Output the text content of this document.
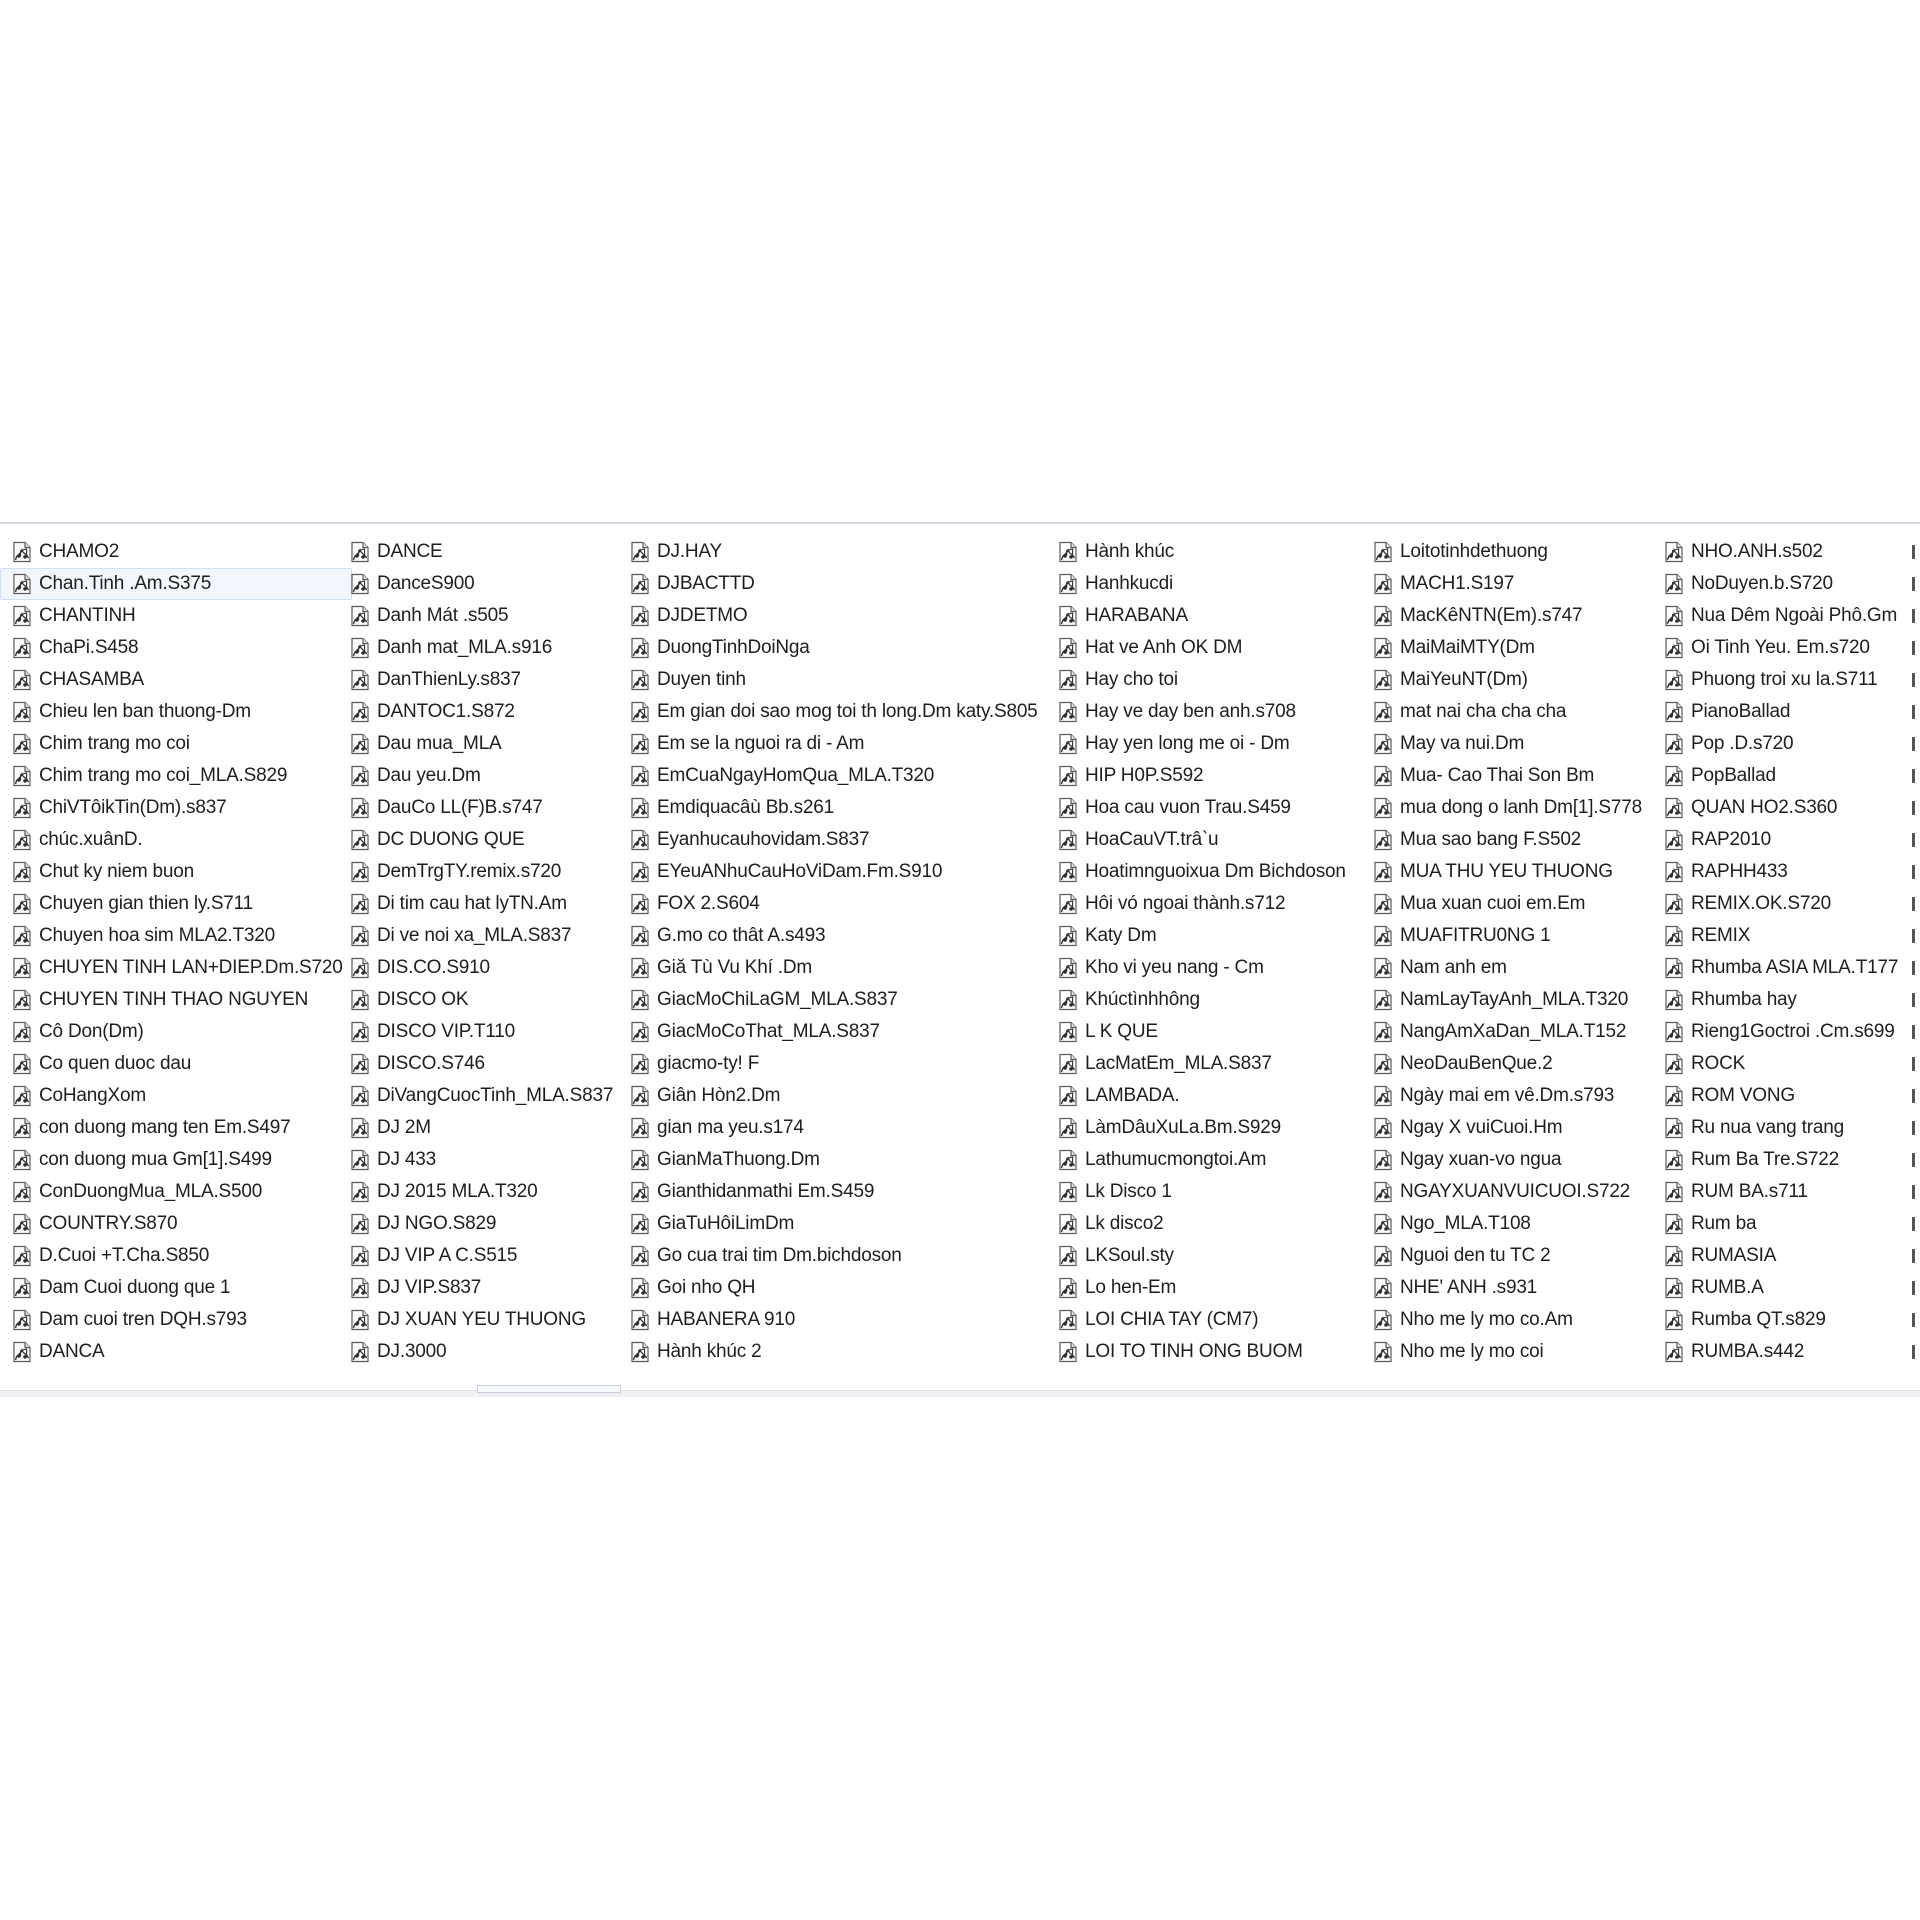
CHAMO2
Chan.Tinh .Am.S375
CHANTINH
ChaPi.S458
CHASAMBA
Chieu len ban thuong-Dm
Chim trang mo coi
Chim trang mo coi_MLA.S829
ChiVTôikTin(Dm).s837
chúc.xuânD.
Chut ky niem buon
Chuyen gian thien ly.S711
Chuyen hoa sim MLA2.T320
CHUYEN TINH LAN+DIEP.Dm.S720
CHUYEN TINH THAO NGUYEN
Cô Don(Dm)
Co quen duoc dau
CoHangXom
con duong mang ten Em.S497
con duong mua Gm[1].S499
ConDuongMua_MLA.S500
COUNTRY.S870
D.Cuoi +T.Cha.S850
Dam Cuoi duong que 1
Dam cuoi tren DQH.s793
DANCA
DANCE
DanceS900
Danh Mát .s505
Danh mat_MLA.s916
DanThienLy.s837
DANTOC1.S872
Dau mua_MLA
Dau yeu.Dm
DauCo LL(F)B.s747
DC DUONG QUE
DemTrgTY.remix.s720
Di tim cau hat lyTN.Am
Di ve noi xa_MLA.S837
DIS.CO.S910
DISCO OK
DISCO VIP.T110
DISCO.S746
DiVangCuocTinh_MLA.S837
DJ 2M
DJ 433
DJ 2015 MLA.T320
DJ NGO.S829
DJ VIP A C.S515
DJ VIP.S837
DJ XUAN YEU THUONG
DJ.3000
DJ.HAY
DJBACTTD
DJDETMO
DuongTinhDoiNga
Duyen tinh
Em gian doi sao mog toi th long.Dm katy.S805
Em se la nguoi ra di - Am
EmCuaNgayHomQua_MLA.T320
Emdiquacâù Bb.s261
Eyanhucauhovidam.S837
EYeuANhuCauHoViDam.Fm.S910
FOX 2.S604
G.mo co thât A.s493
Giă Tù Vu Khí .Dm
GiacMoChiLaGM_MLA.S837
GiacMoCoThat_MLA.S837
giacmo-ty! F
Giân Hòn2.Dm
gian ma yeu.s174
GianMaThuong.Dm
Gianthidanmathi Em.S459
GiaTuHôiLimDm
Go cua trai tim Dm.bichdoson
Goi nho QH
HABANERA 910
Hành khúc 2
Hành khúc
Hanhkucdi
HARABANA
Hat ve Anh OK DM
Hay cho toi
Hay ve day ben anh.s708
Hay yen long me oi - Dm
HIP H0P.S592
Hoa cau vuon Trau.S459
HoaCauVT.trâ`u
Hoatimnguoixua Dm Bichdoson
Hôi vó ngoai thành.s712
Katy Dm
Kho vi yeu nang - Cm
Khúctìnhhông
L K QUE
LacMatEm_MLA.S837
LAMBADA.
LàmDâuXuLa.Bm.S929
Lathumucmongtoi.Am
Lk Disco 1
Lk disco2
LKSoul.sty
Lo hen-Em
LOI CHIA TAY (CM7)
LOI TO TINH ONG BUOM
Loitotinhdethuong
MACH1.S197
MacKêNTN(Em).s747
MaiMaiMTY(Dm
MaiYeuNT(Dm)
mat nai cha cha cha
May va nui.Dm
Mua- Cao Thai Son Bm
mua dong o lanh Dm[1].S778
Mua sao bang F.S502
MUA THU YEU THUONG
Mua xuan cuoi em.Em
MUAFITRU0NG 1
Nam anh em
NamLayTayAnh_MLA.T320
NangAmXaDan_MLA.T152
NeoDauBenQue.2
Ngày mai em vê.Dm.s793
Ngay X vuiCuoi.Hm
Ngay xuan-vo ngua
NGAYXUANVUICUOI.S722
Ngo_MLA.T108
Nguoi den tu TC 2
NHE' ANH .s931
Nho me ly mo co.Am
Nho me ly mo coi
NHO.ANH.s502
NoDuyen.b.S720
Nua Dêm Ngoài Phô.Gm
Oi Tinh Yeu. Em.s720
Phuong troi xu la.S711
PianoBallad
Pop .D.s720
PopBallad
QUAN HO2.S360
RAP2010
RAPHH433
REMIX.OK.S720
REMIX
Rhumba ASIA MLA.T177
Rhumba hay
Rieng1Goctroi .Cm.s699
ROCK
ROM VONG
Ru nua vang trang
Rum Ba Tre.S722
RUM BA.s711
Rum ba
RUMASIA
RUMB.A
Rumba QT.s829
RUMBA.s442
